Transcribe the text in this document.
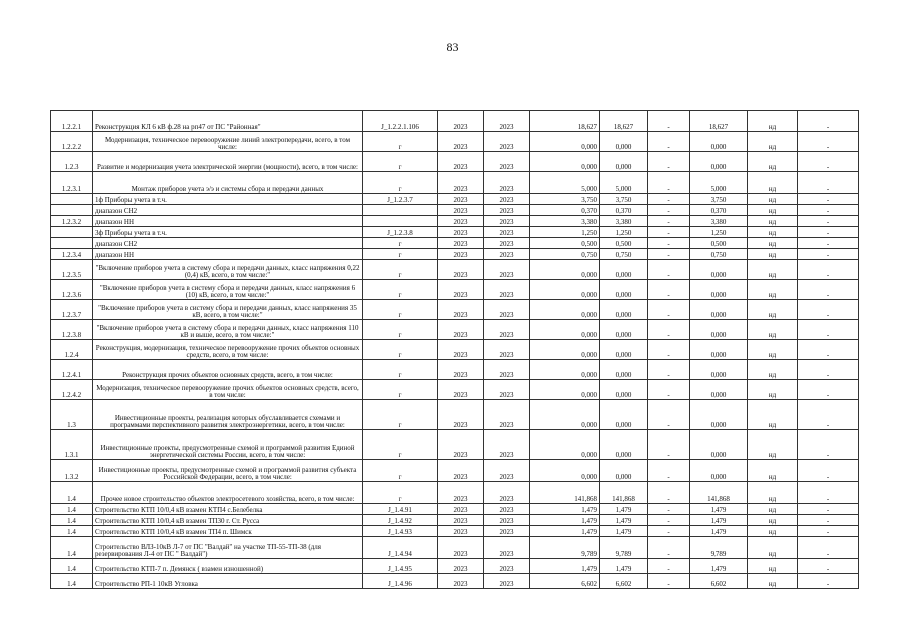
83
1.2.2.1	Реконструкция КЛ 6 кВ ф.28 на рп47 от ПС "Районная"	J_1.2.2.1.106	2023	2023	18,627	18,627	-	18,627	нд	-
1.2.2.2	Модернизация, техническое перевооружение линий электропередачи, всего, в том числе:	г	2023	2023	0,000	0,000	-	0,000	нд	-
1.2.3	Развитие и модернизация учета электрической энергии (мощности), всего, в том числе:	г	2023	2023	0,000	0,000	-	0,000	нд	-
1.2.3.1	Монтаж приборов учета э/э и системы сбора и передачи данных	г	2023	2023	5,000	5,000	-	5,000	нд	-
	1ф Приборы учета в т.ч.	J_1.2.3.7	2023	2023	3,750	3,750	-	3,750	нд	-
	диапазон СН2		2023	2023	0,370	0,370	-	0,370	нд	-
1.2.3.2	диапазон НН		2023	2023	3,380	3,380	-	3,380	нд	-
	3ф Приборы учета в т.ч.	J_1.2.3.8	2023	2023	1,250	1,250	-	1,250	нд	-
	диапазон СН2	г	2023	2023	0,500	0,500	-	0,500	нд	-
1.2.3.4	диапазон НН	г	2023	2023	0,750	0,750	-	0,750	нд	-
1.2.3.5	"Включение приборов учета в систему сбора и передачи данных, класс напряжения 0,22 (0,4) кВ, всего, в том числе:"	г	2023	2023	0,000	0,000	-	0,000	нд	-
1.2.3.6	"Включение приборов учета в систему сбора и передачи данных, класс напряжения 6 (10) кВ, всего, в том числе:"	г	2023	2023	0,000	0,000	-	0,000	нд	-
1.2.3.7	"Включение приборов учета в систему сбора и передачи данных, класс напряжения 35 кВ, всего, в том числе:"	г	2023	2023	0,000	0,000	-	0,000	нд	-
1.2.3.8	"Включение приборов учета в систему сбора и передачи данных, класс напряжения 110 кВ и выше, всего, в том числе:"	г	2023	2023	0,000	0,000	-	0,000	нд	-
1.2.4	Реконструкция, модернизация, техническое перевооружение прочих объектов основных средств, всего, в том числе:	г	2023	2023	0,000	0,000	-	0,000	нд	-
1.2.4.1	Реконструкция прочих объектов основных средств, всего, в том числе:	г	2023	2023	0,000	0,000	-	0,000	нд	-
1.2.4.2	Модернизация, техническое перевооружение прочих объектов основных средств, всего, в том числе:	г	2023	2023	0,000	0,000	-	0,000	нд	-
1.3	Инвестиционные проекты, реализация которых обуславливается схемами и программами перспективного развития электроэнергетики, всего, в том числе:	г	2023	2023	0,000	0,000	-	0,000	нд	-
1.3.1	Инвестиционные проекты, предусмотренные схемой и программой развития Единой энергетической системы России, всего, в том числе:	г	2023	2023	0,000	0,000	-	0,000	нд	-
1.3.2	Инвестиционные проекты, предусмотренные схемой и программой развития субъекта Российской Федерации, всего, в том числе:	г	2023	2023	0,000	0,000	-	0,000	нд	-
1.4	Прочее новое строительство объектов электросетевого хозяйства, всего, в том числе:	г	2023	2023	141,868	141,868	-	141,868	нд	-
1.4	Строительство КТП 10/0,4 кВ взамен КТП4 с.Белебелка	J_1.4.91	2023	2023	1,479	1,479	-	1,479	нд	-
1.4	Строительство КТП 10/0,4 кВ взамен ТП30 г. Ст. Русса	J_1.4.92	2023	2023	1,479	1,479	-	1,479	нд	-
1.4	Строительство КТП 10/0,4 кВ взамен ТП4 п. Шимск	J_1.4.93	2023	2023	1,479	1,479	-	1,479	нд	-
1.4	Строительство ВЛЗ-10кВ Л-7 от ПС "Валдай" на участке ТП-55-ТП-38 (для резервирования Л-4 от ПС " Валдай")	J_1.4.94	2023	2023	9,789	9,789	-	9,789	нд	-
1.4	Строительство КТП-7 п. Демянск ( взамен изношенной)	J_1.4.95	2023	2023	1,479	1,479	-	1,479	нд	-
1.4	Строительство РП-1 10кВ Угловка	J_1.4.96	2023	2023	6,602	6,602	-	6,602	нд	-
